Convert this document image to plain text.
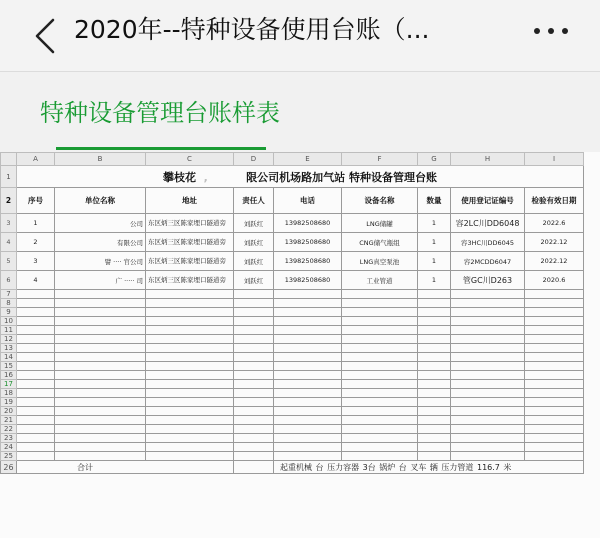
2020年--特种设备使用台账（...
特种设备管理台账样表
	A	B	C	D	E	F	G	H	I
1	攀枝花  ,          限公司机场路加气站 特种设备管理台账								
2	序号	单位名称	地址	责任人	电话	设备名称	数量	使用登记证编号	检验有效日期
3	1	公司	东区炳三区陈家埋口隧道旁	刘跃红	13982508680	LNG储罐	1	容2LC川DD6048	2022.6
4	2	有限公司	东区炳三区陈家埋口隧道旁	刘跃红	13982508680	CNG储气瓶组	1	容3HC川DD6045	2022.12
5	3	譬 ‧‧‧‧ 官公司	东区炳三区陈家埋口隧道旁	刘跃红	13982508680	LNG真空泵池	1	容2MCDD6047	2022.12
6	4	广 ‧‧‧‧‧ 司	东区炳三区陈家埋口隧道旁	刘跃红	13982508680	工业管道	1	管GC川D263	2020.6
7									
8									
9									
10									
11									
12									
13									
14									
15									
16									
17									
18									
19									
20									
21									
22									
23									
24									
25									
26	合计				起重机械 台 压力容器 3台 锅炉 台 叉车 辆 压力管道 116.7 米				
